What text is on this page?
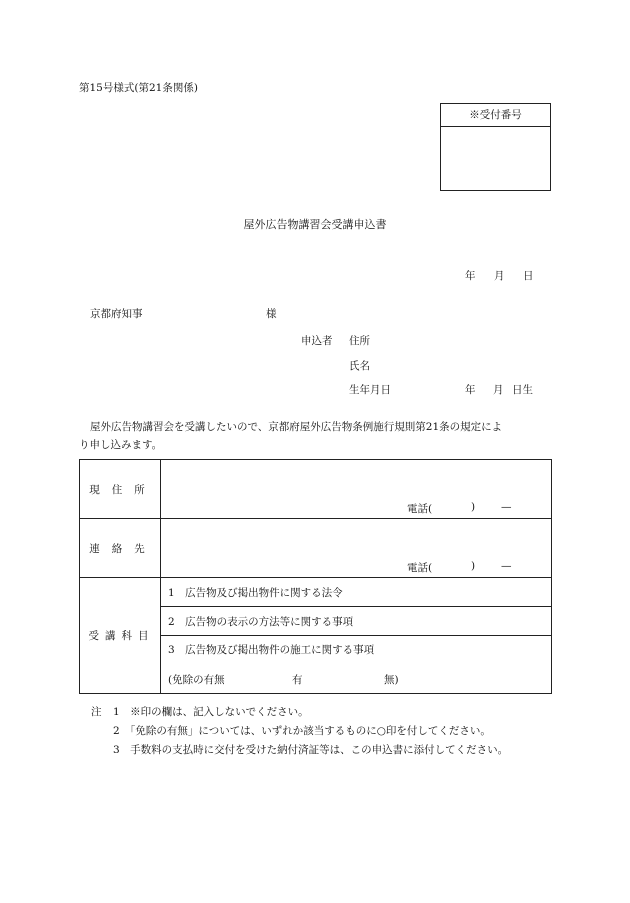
第15号様式(第21条関係)
※受付番号
屋外広告物講習会受講申込書
年 月 日
京都府知事	様
申込者 住所
氏名
生年月日	年 月 日生
屋外広告物講習会を受講したいので、京都府屋外広告物条例施行規則第21条の規定によ
り申し込みます。
現住所	電話( ) —

連絡先	電話( ) —

受講科目	1　広告物及び掲出物件に関する法令
	2　広告物の表示の方法等に関する事項
	3　広告物及び掲出物件の施工に関する事項

	(免除の有無 有 無)
注 1　※印の欄は、記入しないでください。
2　「免除の有無」については、いずれか該当するものに○印を付してください。
3　手数料の支払時に交付を受けた納付済証等は、この申込書に添付してください。
